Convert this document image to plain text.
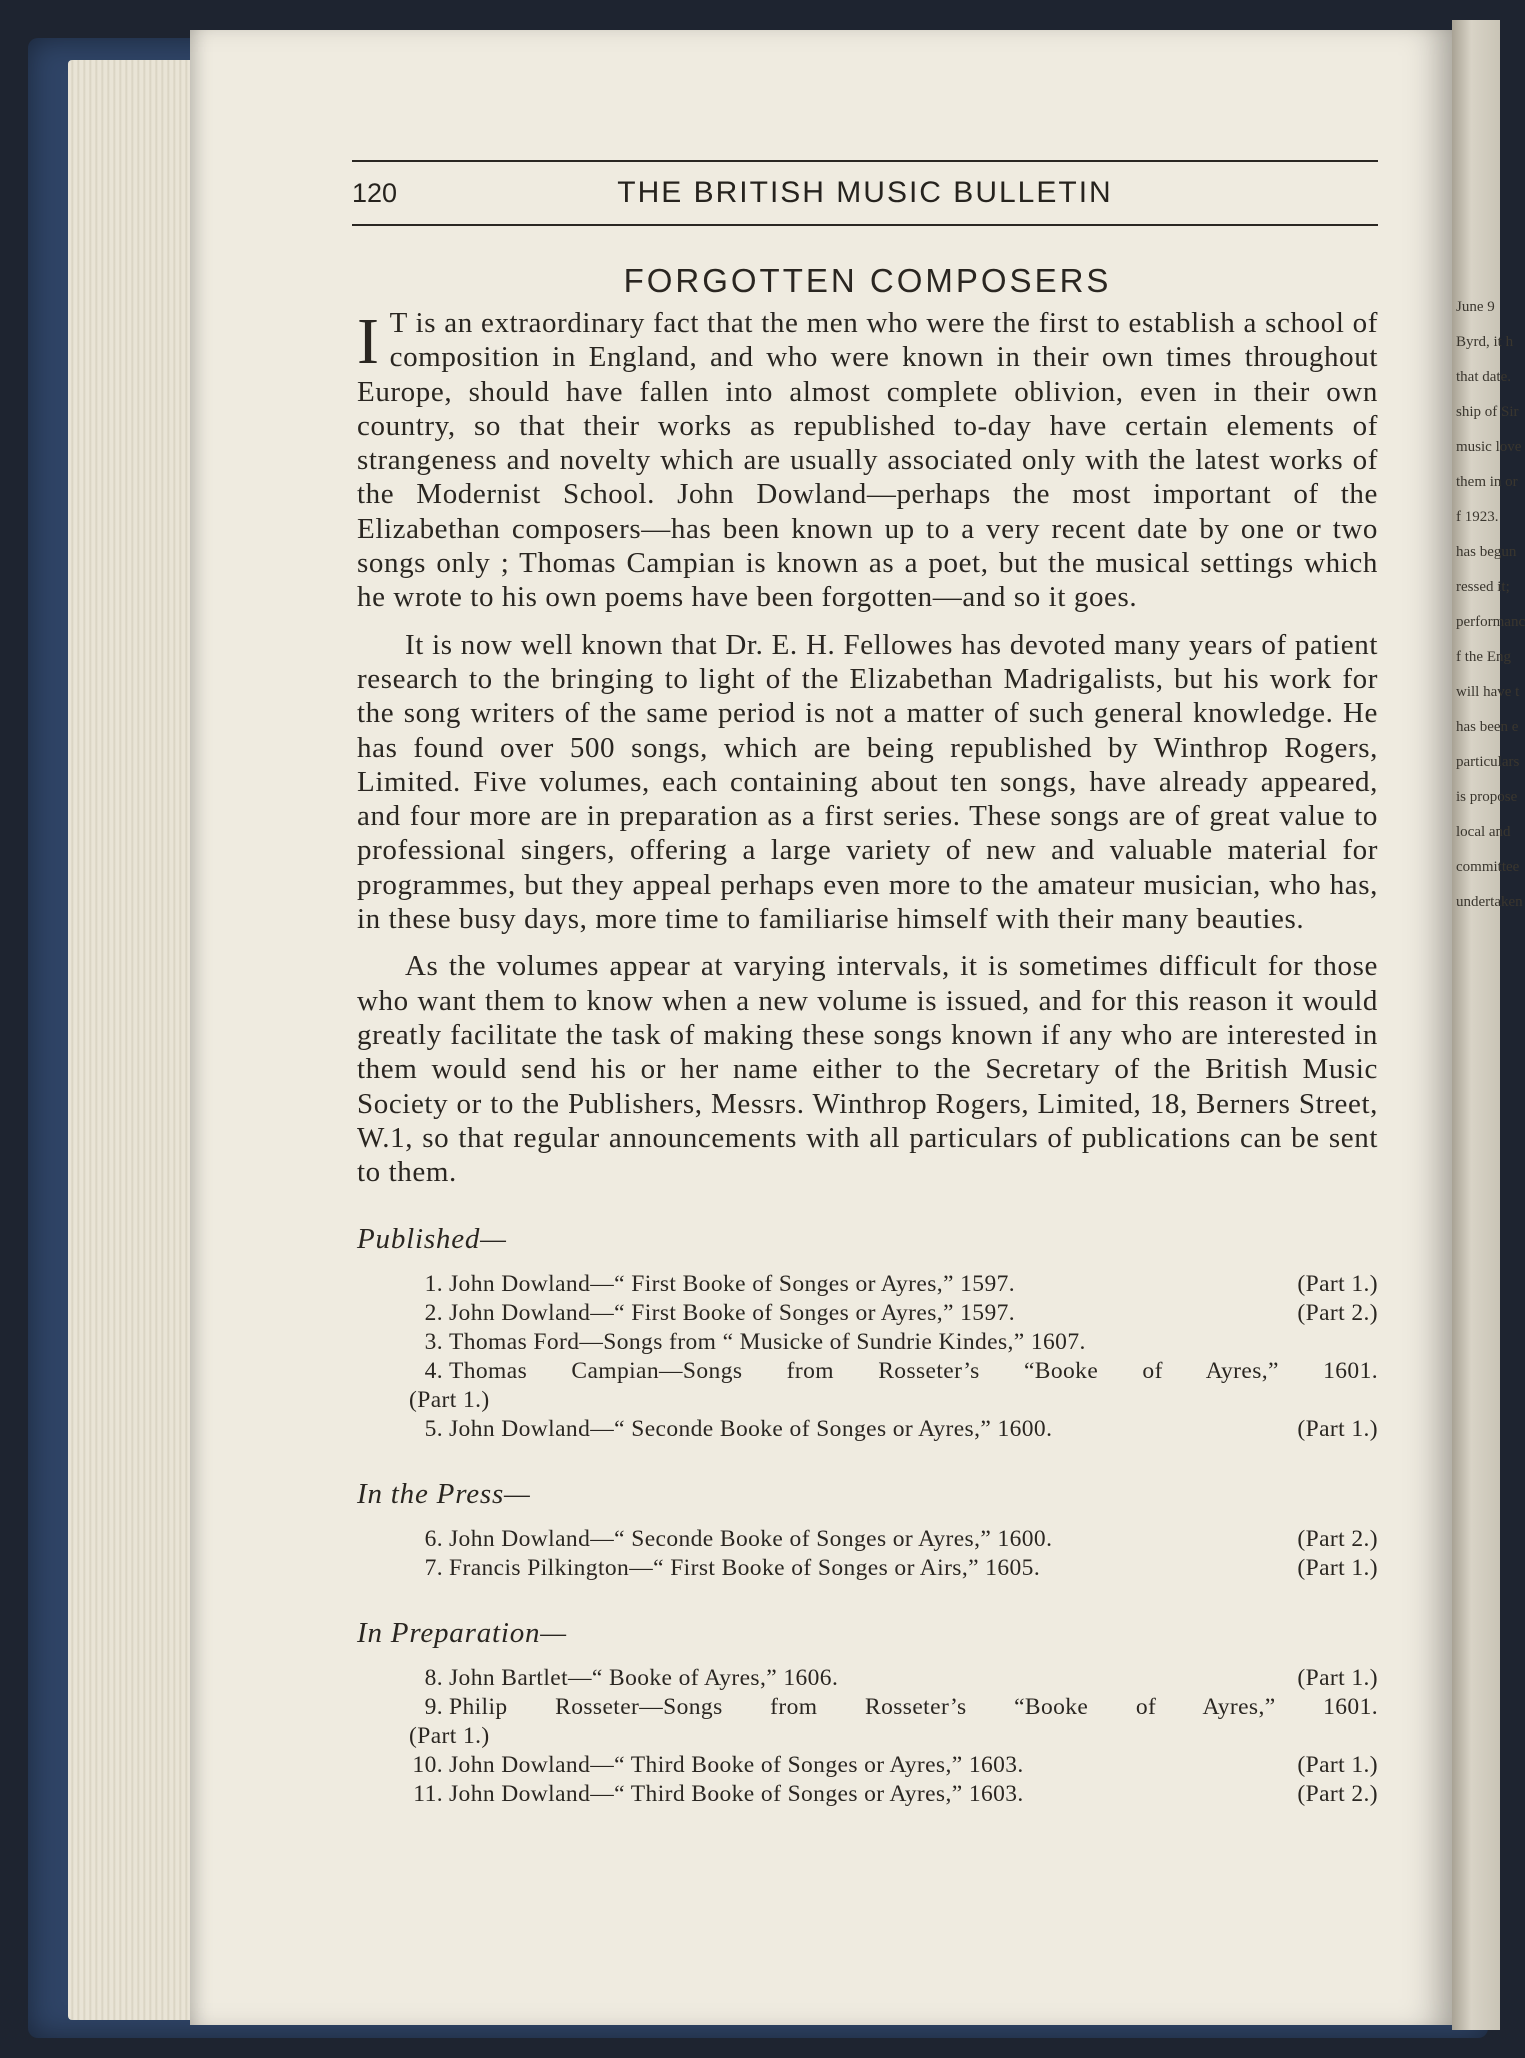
June 9
Byrd, it h
that date.
ship of Sir
music love
them in or
f 1923.
has begun
ressed it;
performanc
f the Eng
will have t
has been e
particulars
is propose
local and
committee
undertaken
120	THE BRITISH MUSIC BULLETIN
FORGOTTEN COMPOSERS

I T is an extraordinary fact that the men who were the first to establish a school of composition in England, and who were known in their own times throughout Europe, should have fallen into almost complete oblivion, even in their own country, so that their works as republished to-day have certain elements of strangeness and novelty which are usually associated only with the latest works of the Modernist School. John Dowland—perhaps the most important of the Elizabethan composers—has been known up to a very recent date by one or two songs only ; Thomas Campian is known as a poet, but the musical settings which he wrote to his own poems have been forgotten—and so it goes.

It is now well known that Dr. E. H. Fellowes has devoted many years of patient research to the bringing to light of the Elizabethan Madrigalists, but his work for the song writers of the same period is not a matter of such general knowledge. He has found over 500 songs, which are being republished by Winthrop Rogers, Limited. Five volumes, each containing about ten songs, have already appeared, and four more are in preparation as a first series. These songs are of great value to professional singers, offering a large variety of new and valuable material for programmes, but they appeal perhaps even more to the amateur musician, who has, in these busy days, more time to familiarise himself with their many beauties.

As the volumes appear at varying intervals, it is sometimes difficult for those who want them to know when a new volume is issued, and for this reason it would greatly facilitate the task of making these songs known if any who are interested in them would send his or her name either to the Secretary of the British Music Society or to the Publishers, Messrs. Winthrop Rogers, Limited, 18, Berners Street, W.1, so that regular announcements with all particulars of publications can be sent to them.

Published—
1. John Dowland—“ First Booke of Songes or Ayres,” 1597.	(Part 1.)
2. John Dowland—“ First Booke of Songes or Ayres,” 1597.	(Part 2.)
3. Thomas Ford—Songs from “ Musicke of Sundrie Kindes,” 1607.
4. Thomas Campian—Songs from Rosseter’s “Booke of Ayres,” 1601.
(Part 1.)
5. John Dowland—“ Seconde Booke of Songes or Ayres,” 1600.	(Part 1.)
In the Press—
6. John Dowland—“ Seconde Booke of Songes or Ayres,” 1600.	(Part 2.)
7. Francis Pilkington—“ First Booke of Songes or Airs,” 1605.	(Part 1.)
In Preparation—
8. John Bartlet—“ Booke of Ayres,” 1606.	(Part 1.)
9. Philip Rosseter—Songs from Rosseter’s “Booke of Ayres,” 1601.
(Part 1.)
10. John Dowland—“ Third Booke of Songes or Ayres,” 1603.	(Part 1.)
11. John Dowland—“ Third Booke of Songes or Ayres,” 1603.	(Part 2.)
